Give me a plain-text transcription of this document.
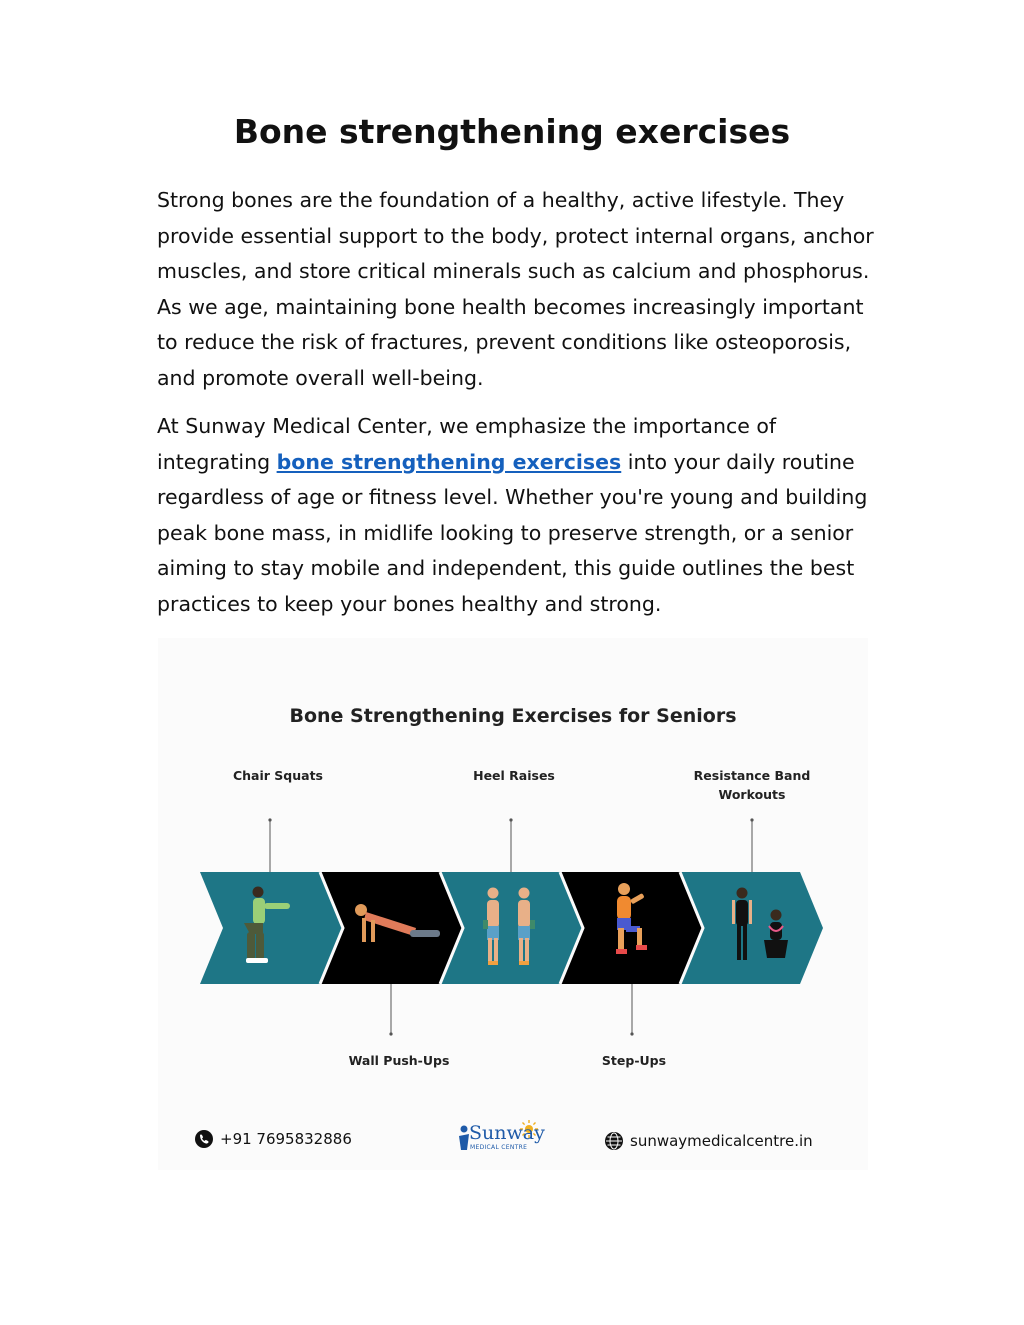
Bone strengthening exercises

Strong bones are the foundation of a healthy, active lifestyle. They provide essential support to the body, protect internal organs, anchor muscles, and store critical minerals such as calcium and phosphorus. As we age, maintaining bone health becomes increasingly important to reduce the risk of fractures, prevent conditions like osteoporosis, and promote overall well-being.

At Sunway Medical Center, we emphasize the importance of integrating bone strengthening exercises into your daily routine regardless of age or fitness level. Whether you're young and building peak bone mass, in midlife looking to preserve strength, or a senior aiming to stay mobile and independent, this guide outlines the best practices to keep your bones healthy and strong.

Bone Strengthening Exercises for Seniors
Chair Squats	Heel Raises	Resistance Band Workouts
Wall Push-Ups	Step-Ups
+91 7695832886	Sunway
MEDICAL CENTRE	sunwaymedicalcentre.in
